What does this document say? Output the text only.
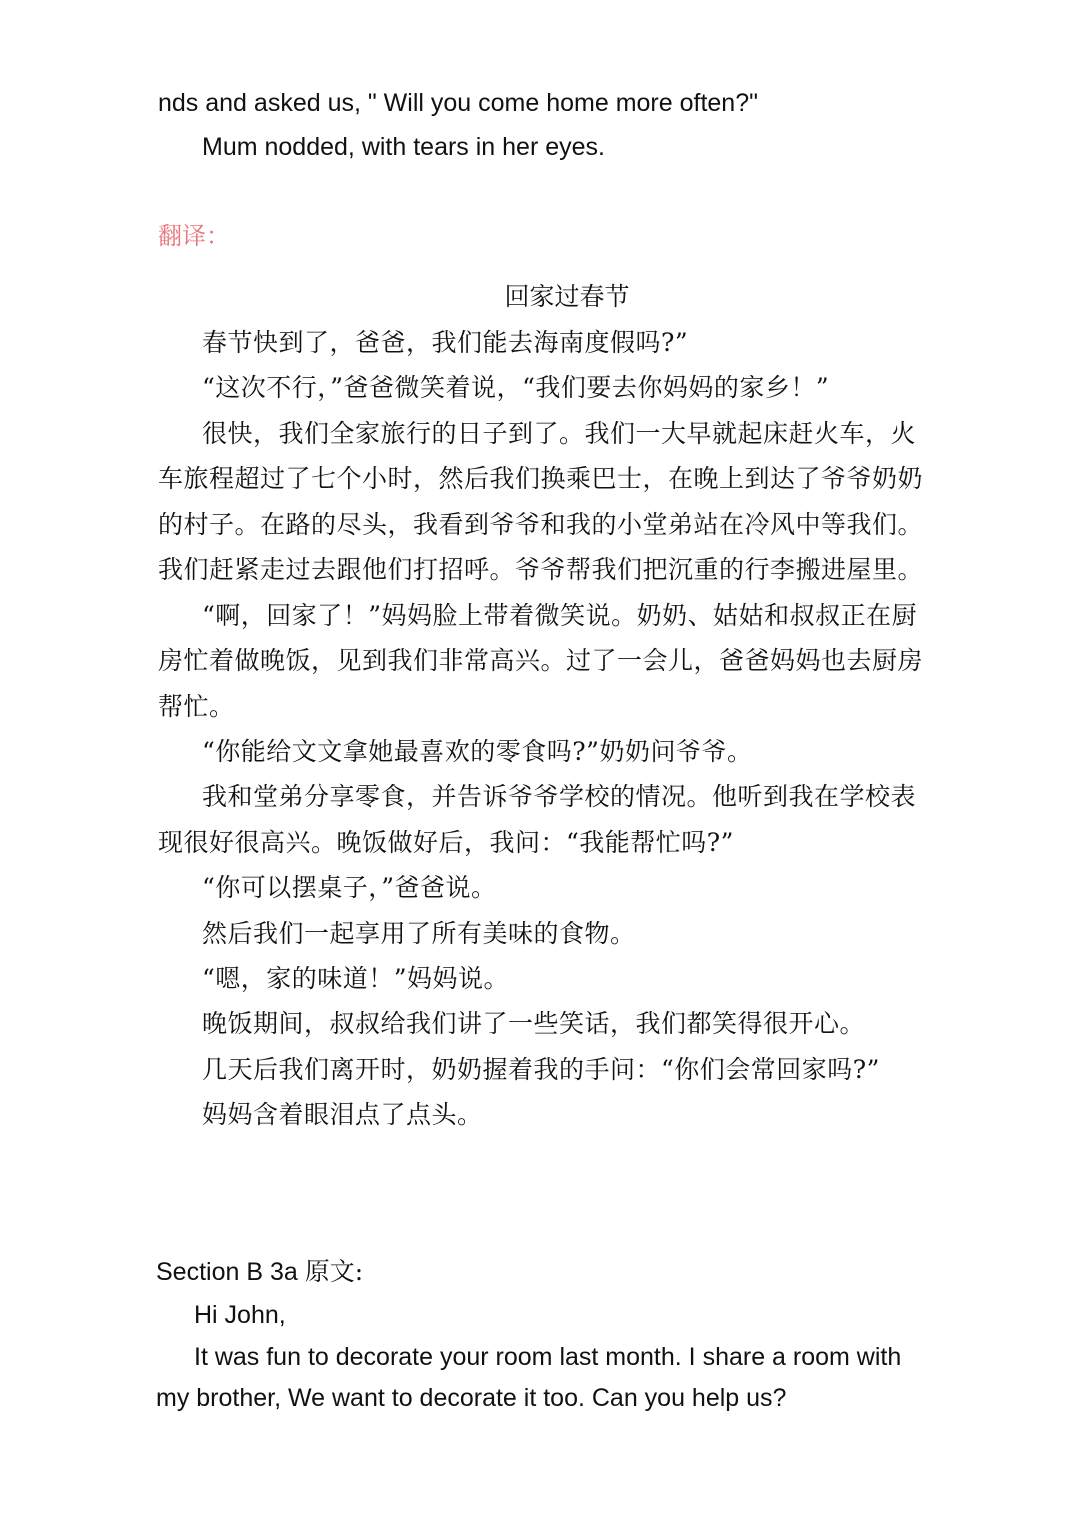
nds and asked us, " Will you come home more often?"
Mum nodded, with tears in her eyes.
翻译：
回家过春节
春节快到了，爸爸，我们能去海南度假吗?”
“这次不行，”爸爸微笑着说，“我们要去你妈妈的家乡！”
很快，我们全家旅行的日子到了。我们一大早就起床赶火车，火
车旅程超过了七个小时，然后我们换乘巴士，在晚上到达了爷爷奶奶
的村子。在路的尽头，我看到爷爷和我的小堂弟站在冷风中等我们。
我们赶紧走过去跟他们打招呼。爷爷帮我们把沉重的行李搬进屋里。
“啊，回家了！”妈妈脸上带着微笑说。奶奶、姑姑和叔叔正在厨
房忙着做晚饭，见到我们非常高兴。过了一会儿，爸爸妈妈也去厨房
帮忙。
“你能给文文拿她最喜欢的零食吗?”奶奶问爷爷。
我和堂弟分享零食，并告诉爷爷学校的情况。他听到我在学校表
现很好很高兴。晚饭做好后，我问：“我能帮忙吗?”
“你可以摆桌子，”爸爸说。
然后我们一起享用了所有美味的食物。
“嗯，家的味道！”妈妈说。
晚饭期间，叔叔给我们讲了一些笑话，我们都笑得很开心。
几天后我们离开时，奶奶握着我的手问：“你们会常回家吗?”
妈妈含着眼泪点了点头。
Section B 3a 原文:
Hi John,
It was fun to decorate your room last month. I share a room with
my brother, We want to decorate it too. Can you help us?
